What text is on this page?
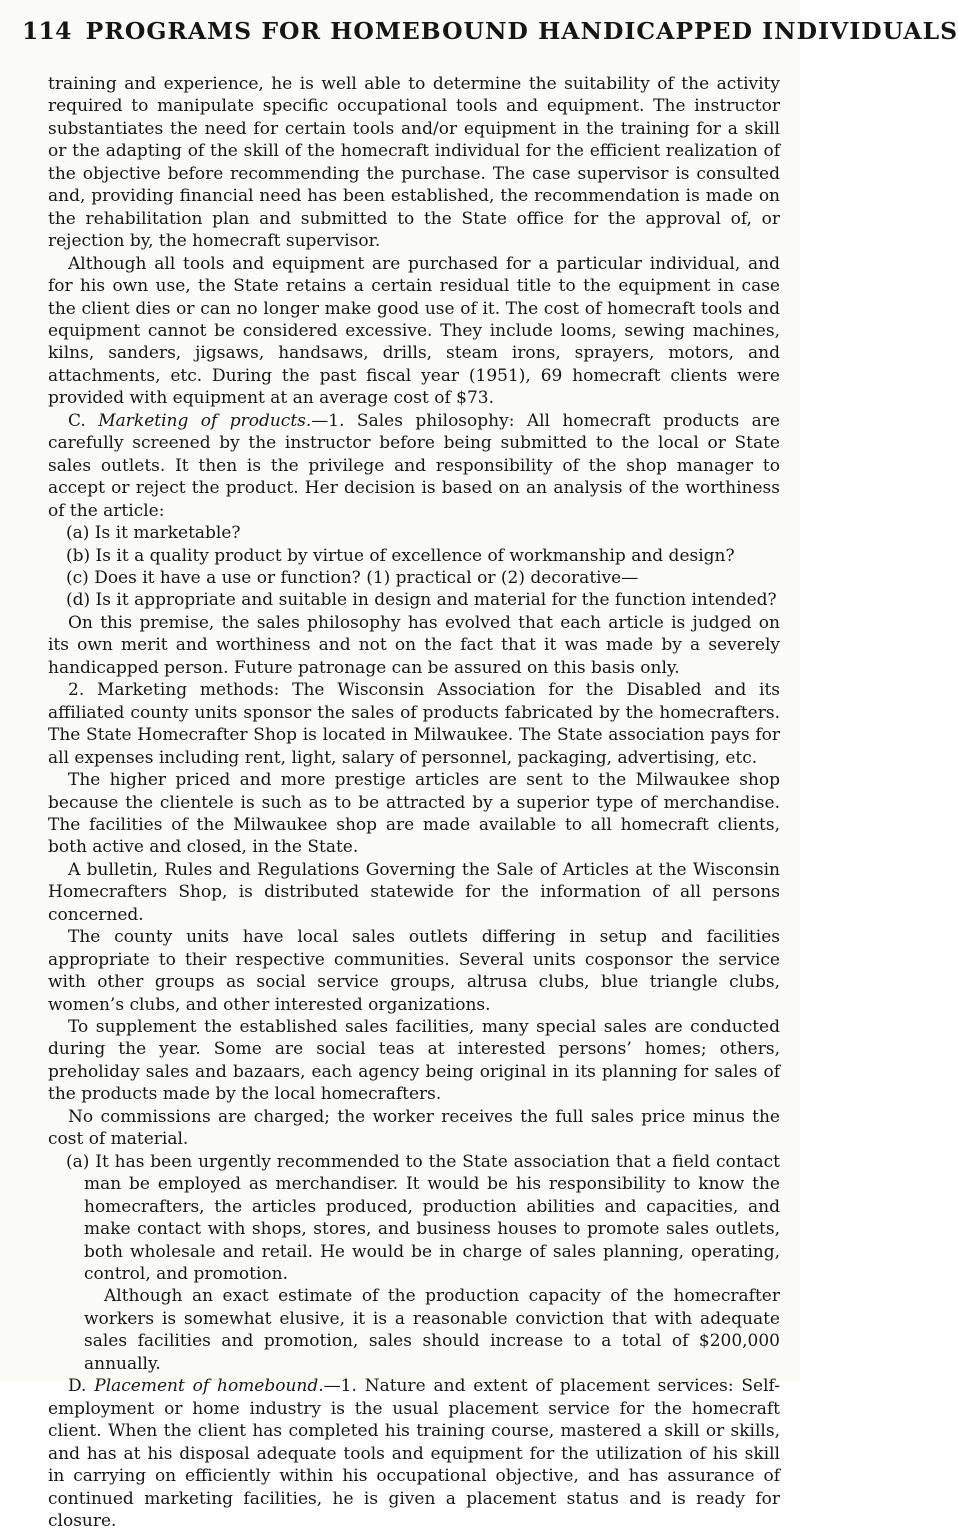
114 PROGRAMS FOR HOMEBOUND HANDICAPPED INDIVIDUALS

training and experience, he is well able to determine the suitability of the activity required to manipulate specific occupational tools and equipment. The instructor substantiates the need for certain tools and/or equipment in the training for a skill or the adapting of the skill of the homecraft individual for the efficient realization of the objective before recommending the purchase. The case supervisor is consulted and, providing financial need has been established, the recommendation is made on the rehabilitation plan and submitted to the State office for the approval of, or rejection by, the homecraft supervisor.

Although all tools and equipment are purchased for a particular individual, and for his own use, the State retains a certain residual title to the equipment in case the client dies or can no longer make good use of it. The cost of homecraft tools and equipment cannot be considered excessive. They include looms, sewing machines, kilns, sanders, jigsaws, handsaws, drills, steam irons, sprayers, motors, and attachments, etc. During the past fiscal year (1951), 69 homecraft clients were provided with equipment at an average cost of $73.

C. Marketing of products.—1. Sales philosophy: All homecraft products are carefully screened by the instructor before being submitted to the local or State sales outlets. It then is the privilege and responsibility of the shop manager to accept or reject the product. Her decision is based on an analysis of the worthiness of the article:

(a) Is it marketable?

(b) Is it a quality product by virtue of excellence of workmanship and design?

(c) Does it have a use or function? (1) practical or (2) decorative—

(d) Is it appropriate and suitable in design and material for the function intended?

On this premise, the sales philosophy has evolved that each article is judged on its own merit and worthiness and not on the fact that it was made by a severely handicapped person. Future patronage can be assured on this basis only.

2. Marketing methods: The Wisconsin Association for the Disabled and its affiliated county units sponsor the sales of products fabricated by the homecrafters. The State Homecrafter Shop is located in Milwaukee. The State association pays for all expenses including rent, light, salary of personnel, packaging, advertising, etc.

The higher priced and more prestige articles are sent to the Milwaukee shop because the clientele is such as to be attracted by a superior type of merchandise. The facilities of the Milwaukee shop are made available to all homecraft clients, both active and closed, in the State.

A bulletin, Rules and Regulations Governing the Sale of Articles at the Wisconsin Homecrafters Shop, is distributed statewide for the information of all persons concerned.

The county units have local sales outlets differing in setup and facilities appropriate to their respective communities. Several units cosponsor the service with other groups as social service groups, altrusa clubs, blue triangle clubs, women’s clubs, and other interested organizations.

To supplement the established sales facilities, many special sales are conducted during the year. Some are social teas at interested persons’ homes; others, preholiday sales and bazaars, each agency being original in its planning for sales of the products made by the local homecrafters.

No commissions are charged; the worker receives the full sales price minus the cost of material.

(a) It has been urgently recommended to the State association that a field contact man be employed as merchandiser. It would be his responsibility to know the homecrafters, the articles produced, production abilities and capacities, and make contact with shops, stores, and business houses to promote sales outlets, both wholesale and retail. He would be in charge of sales planning, operating, control, and promotion.

Although an exact estimate of the production capacity of the homecrafter workers is somewhat elusive, it is a reasonable conviction that with adequate sales facilities and promotion, sales should increase to a total of $200,000 annually.

D. Placement of homebound.—1. Nature and extent of placement services: Self-employment or home industry is the usual placement service for the homecraft client. When the client has completed his training course, mastered a skill or skills, and has at his disposal adequate tools and equipment for the utilization of his skill in carrying on efficiently within his occupational objective, and has assurance of continued marketing facilities, he is given a placement status and is ready for closure.
